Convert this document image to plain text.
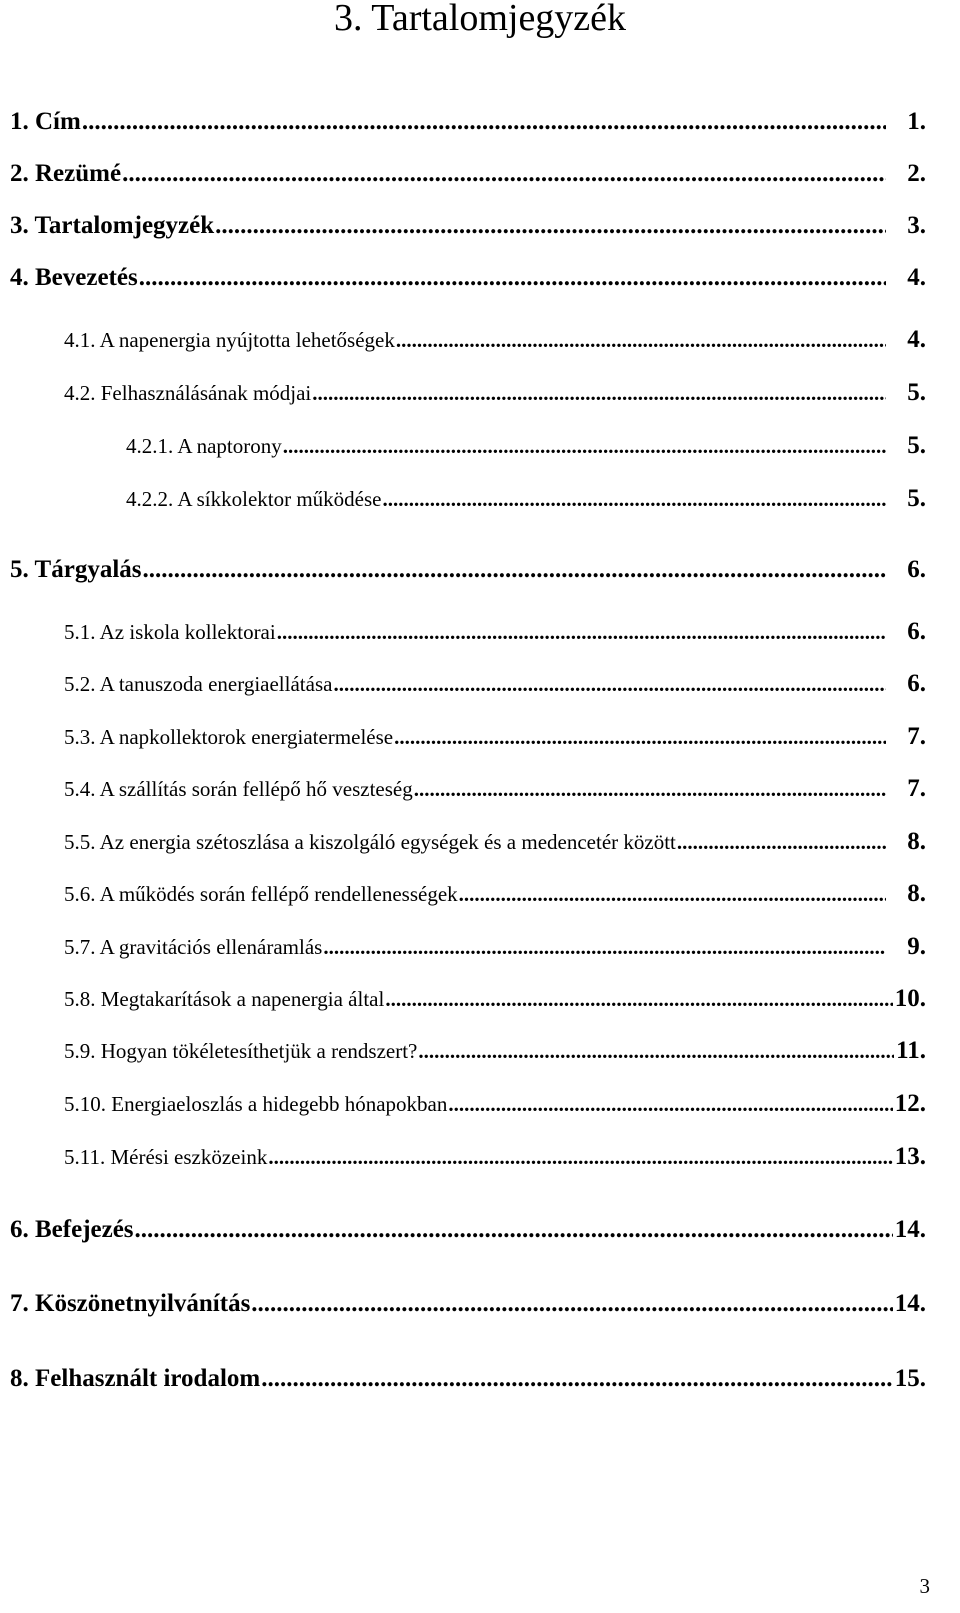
3. Tartalomjegyzék
1. Cím .....	1.
2. Rezümé .....	2.
3. Tartalomjegyzék .....	3.
4. Bevezetés .....	4.
4.1. A napenergia nyújtotta lehetőségek .....	4.
4.2. Felhasználásának módjai .....	5.
4.2.1. A naptorony .....	5.
4.2.2. A síkkolektor működése .....	5.
5. Tárgyalás .....	6.
5.1. Az iskola kollektorai .....	6.
5.2. A tanuszoda energiaellátása .....	6.
5.3. A napkollektorok energiatermelése .....	7.
5.4. A szállítás során fellépő hő veszteség .....	7.
5.5. Az energia szétoszlása a kiszolgáló egységek és a medencetér között .....	8.
5.6. A működés során fellépő rendellenességek .....	8.
5.7. A gravitációs ellenáramlás .....	9.
5.8. Megtakarítások a napenergia által .....	10.
5.9. Hogyan tökéletesíthetjük a rendszert? .....	11.
5.10. Energiaeloszlás a hidegebb hónapokban .....	12.
5.11. Mérési eszközeink .....	13.
6. Befejezés .....	14.
7. Köszönetnyilvánítás .....	14.
8. Felhasznált irodalom .....	15.
3
